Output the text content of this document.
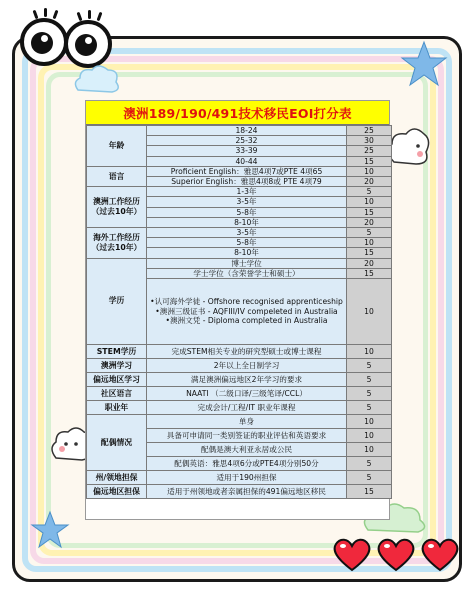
澳洲189/190/491技术移民EOI打分表
年龄	18-24	25
	25-32	30
	33-39	25
	40-44	15
语言	Proficient English：雅思4项7或PTE 4项65	10
	Superior English：雅思4项8或 PTE 4项79	20
澳洲工作经历（过去10年）	1-3年	5
	3-5年	10
	5-8年	15
	8-10年	20
海外工作经历（过去10年）	3-5年	5
	5-8年	10
	8-10年	15
学历	博士学位	20
	学士学位（含荣誉学士和硕士）	15

	•认可海外学徒 - Offshore recognised apprenticeship
•澳洲三级证书 - AQFIII/IV compeleted in Australia
•澳洲文凭 - Diploma completed in Australia	10
STEM学历	完成STEM相关专业的研究型硕士或博士课程	10
澳洲学习	2年以上全日制学习	5
偏远地区学习	满足澳洲偏远地区2年学习的要求	5
社区语言	NAATI （二级口译/三级笔译/CCL）	5
职业年	完成会计/工程/IT 职业年课程	5
配偶情况	单身	10
	具备可申请同一类别签证的职业评估和英语要求	10
	配偶是澳大利亚永居或公民	10
	配偶英语：雅思4项6分或PTE4项分别50分	5
州/领地担保	适用于190州担保	5
偏远地区担保	适用于州领地或者亲属担保的491偏远地区移民	15
